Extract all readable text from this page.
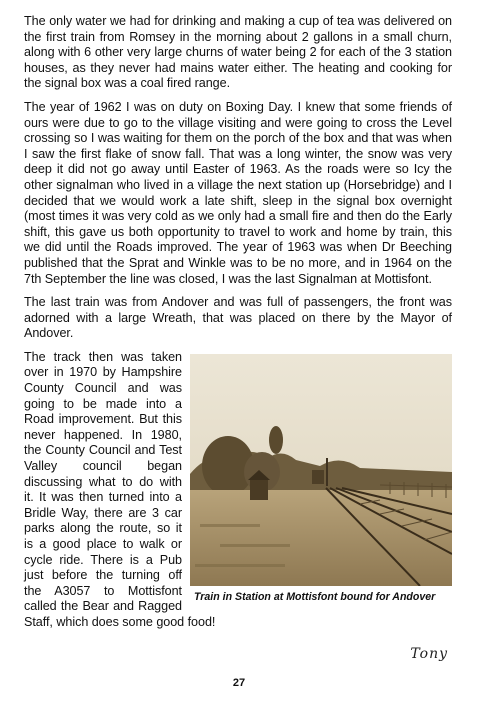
The only water we had for drinking and making a cup of tea was delivered on the first train from Romsey in the morning about 2 gallons in a small churn, along with 6 other very large churns of water being 2 for each of the 3 station houses, as they never had mains water either. The heating and cooking for the signal box was a coal fired range.

The year of 1962 I was on duty on Boxing Day. I knew that some friends of ours were due to go to the village visiting and were going to cross the Level crossing so I was waiting for them on the porch of the box and that was when I saw the first flake of snow fall. That was a long winter, the snow was very deep it did not go away until Easter of 1963. As the roads were so Icy the other signalman who lived in a village the next station up (Horsebridge) and I decided that we would work a late shift, sleep in the signal box overnight (most times it was very cold as we only had a small fire and then do the Early shift, this gave us both opportunity to travel to work and home by train, this we did until the Roads improved. The year of 1963 was when Dr Beeching published that the Sprat and Winkle was to be no more, and in 1964 on the 7th September the line was closed, I was the last Signalman at Mottisfont.

The last train was from Andover and was full of passengers, the front was adorned with a large Wreath, that was placed on there by the Mayor of Andover.

Train in Station at Mottisfont bound for Andover

The track then was taken over in 1970 by Hampshire County Council and was going to be made into a Road improvement. But this never happened. In 1980, the County Council and Test Valley council began discussing what to do with it. It was then turned into a Bridle Way, there are 3 car parks along the route, so it is a good place to walk or cycle ride. There is a Pub just before the turning off the A3057 to Mottisfont called the Bear and Ragged Staff, which does some good food!

Tony
27
